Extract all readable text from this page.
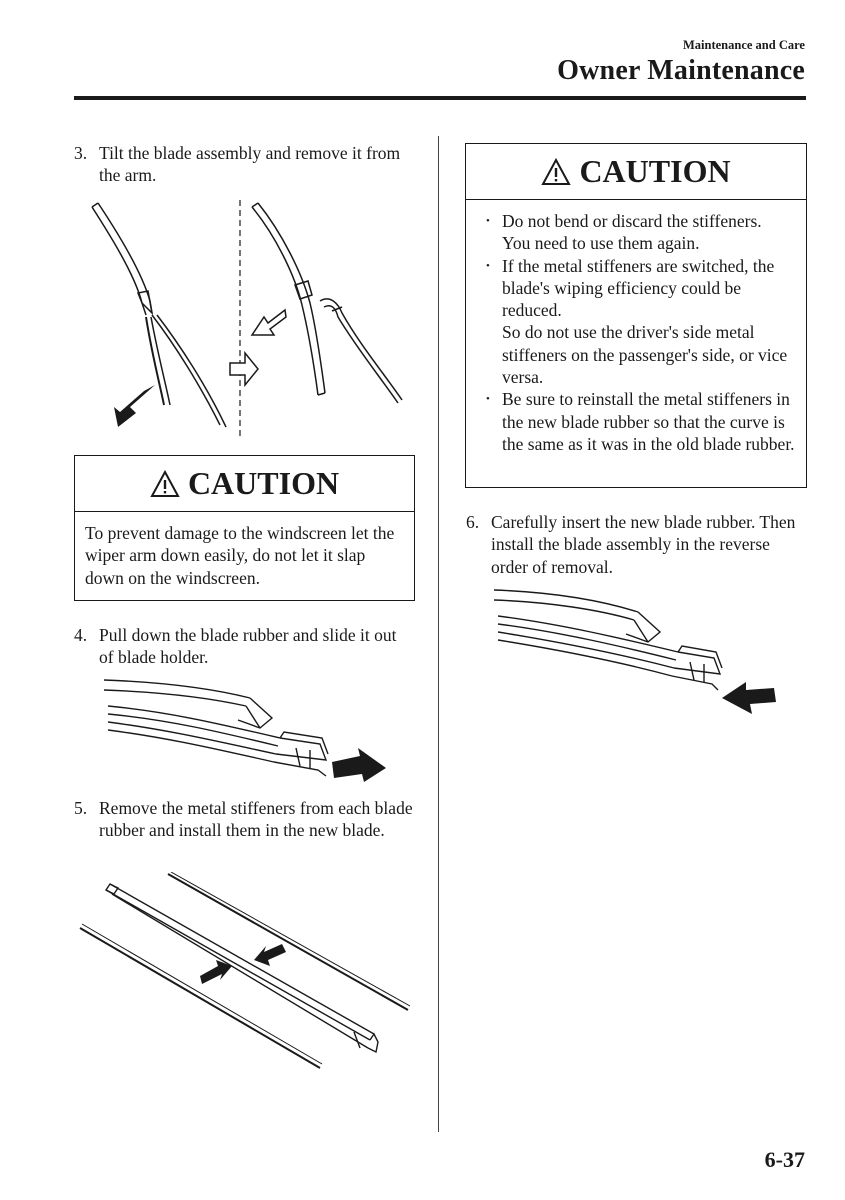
Maintenance and Care
Owner Maintenance
3. Tilt the blade assembly and remove it from the arm.
CAUTION
To prevent damage to the windscreen let the wiper arm down easily, do not let it slap down on the windscreen.
4. Pull down the blade rubber and slide it out of blade holder.
5. Remove the metal stiffeners from each blade rubber and install them in the new blade.
CAUTION
• Do not bend or discard the stiffeners.
You need to use them again.
• If the metal stiffeners are switched, the blade's wiping efficiency could be reduced.
So do not use the driver's side metal stiffeners on the passenger's side, or vice versa.
• Be sure to reinstall the metal stiffeners in the new blade rubber so that the curve is the same as it was in the old blade rubber.
6. Carefully insert the new blade rubber. Then install the blade assembly in the reverse order of removal.
6-37
